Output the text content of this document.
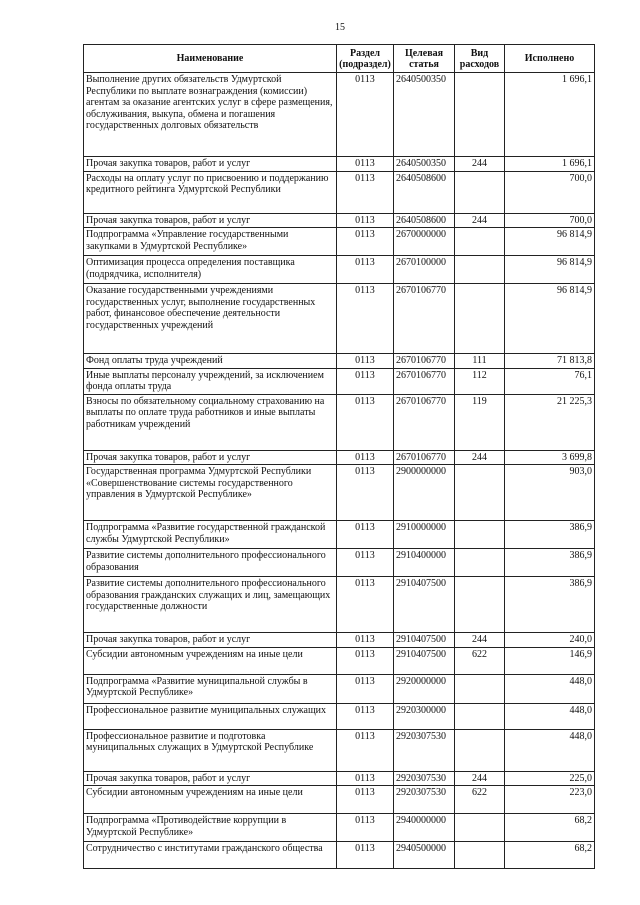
15
Наименование	Раздел (подраздел)	Целевая статья	Вид расходов	Исполнено
Выполнение других обязательств Удмуртской Республики по выплате вознаграждения (комиссии) агентам за оказание агентских услуг в сфере размещения, обслуживания, выкупа, обмена и погашения государственных долговых обязательств	0113	2640500350		1 696,1
Прочая закупка товаров, работ и услуг	0113	2640500350	244	1 696,1
Расходы на оплату услуг по присвоению и поддержанию кредитного рейтинга Удмуртской Республики	0113	2640508600		700,0
Прочая закупка товаров, работ и услуг	0113	2640508600	244	700,0
Подпрограмма «Управление государственными закупками в Удмуртской Республике»	0113	2670000000		96 814,9
Оптимизация процесса определения поставщика (подрядчика, исполнителя)	0113	2670100000		96 814,9
Оказание государственными учреждениями государственных услуг, выполнение государственных работ, финансовое обеспечение деятельности государственных учреждений	0113	2670106770		96 814,9
Фонд оплаты труда учреждений	0113	2670106770	111	71 813,8
Иные выплаты персоналу учреждений, за исключением фонда оплаты труда	0113	2670106770	112	76,1
Взносы по обязательному социальному страхованию на выплаты по оплате труда работников и иные выплаты работникам учреждений	0113	2670106770	119	21 225,3
Прочая закупка товаров, работ и услуг	0113	2670106770	244	3 699,8
Государственная программа Удмуртской Республики «Совершенствование системы государственного управления в Удмуртской Республике»	0113	2900000000		903,0
Подпрограмма «Развитие государственной гражданской службы Удмуртской Республики»	0113	2910000000		386,9
Развитие системы дополнительного профессионального образования	0113	2910400000		386,9
Развитие системы дополнительного профессионального образования гражданских служащих и лиц, замещающих государственные должности	0113	2910407500		386,9
Прочая закупка товаров, работ и услуг	0113	2910407500	244	240,0
Субсидии автономным учреждениям на иные цели	0113	2910407500	622	146,9
Подпрограмма «Развитие муниципальной службы в Удмуртской Республике»	0113	2920000000		448,0
Профессиональное развитие муниципальных служащих	0113	2920300000		448,0
Профессиональное развитие и подготовка муниципальных служащих в Удмуртской Республике	0113	2920307530		448,0
Прочая закупка товаров, работ и услуг	0113	2920307530	244	225,0
Субсидии автономным учреждениям на иные цели	0113	2920307530	622	223,0
Подпрограмма «Противодействие коррупции в Удмуртской Республике»	0113	2940000000		68,2
Сотрудничество с институтами гражданского общества	0113	2940500000		68,2
